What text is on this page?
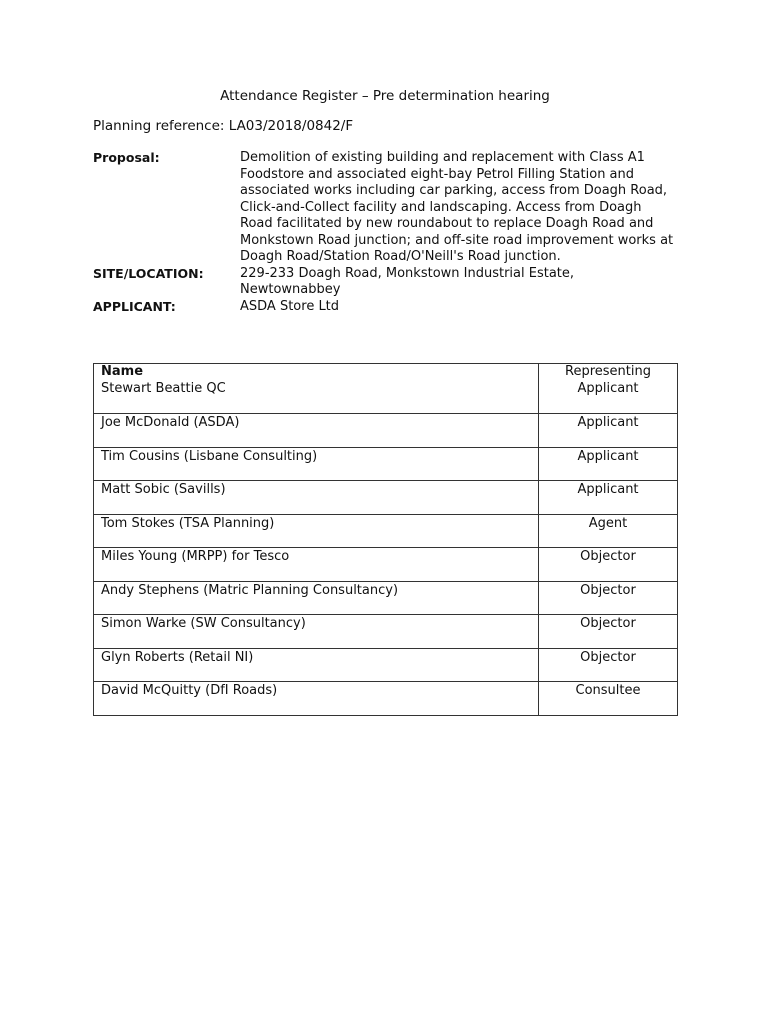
Attendance Register – Pre determination hearing

Planning reference: LA03/2018/0842/F

Proposal:	Demolition of existing building and replacement with Class A1 Foodstore and associated eight-bay Petrol Filling Station and associated works including car parking, access from Doagh Road, Click-and-Collect facility and landscaping. Access from Doagh Road facilitated by new roundabout to replace Doagh Road and Monkstown Road junction; and off-site road improvement works at Doagh Road/Station Road/O'Neill's Road junction.
SITE/LOCATION:	229-233 Doagh Road, Monkstown Industrial Estate, Newtownabbey
APPLICANT:	ASDA Store Ltd
Name	Representing
Stewart Beattie QC	Applicant
Joe McDonald (ASDA)	Applicant
Tim Cousins (Lisbane Consulting)	Applicant
Matt Sobic (Savills)	Applicant
Tom Stokes (TSA Planning)	Agent
Miles Young (MRPP) for Tesco	Objector
Andy Stephens (Matric Planning Consultancy)	Objector
Simon Warke (SW Consultancy)	Objector
Glyn Roberts (Retail NI)	Objector
David McQuitty (DfI Roads)	Consultee
